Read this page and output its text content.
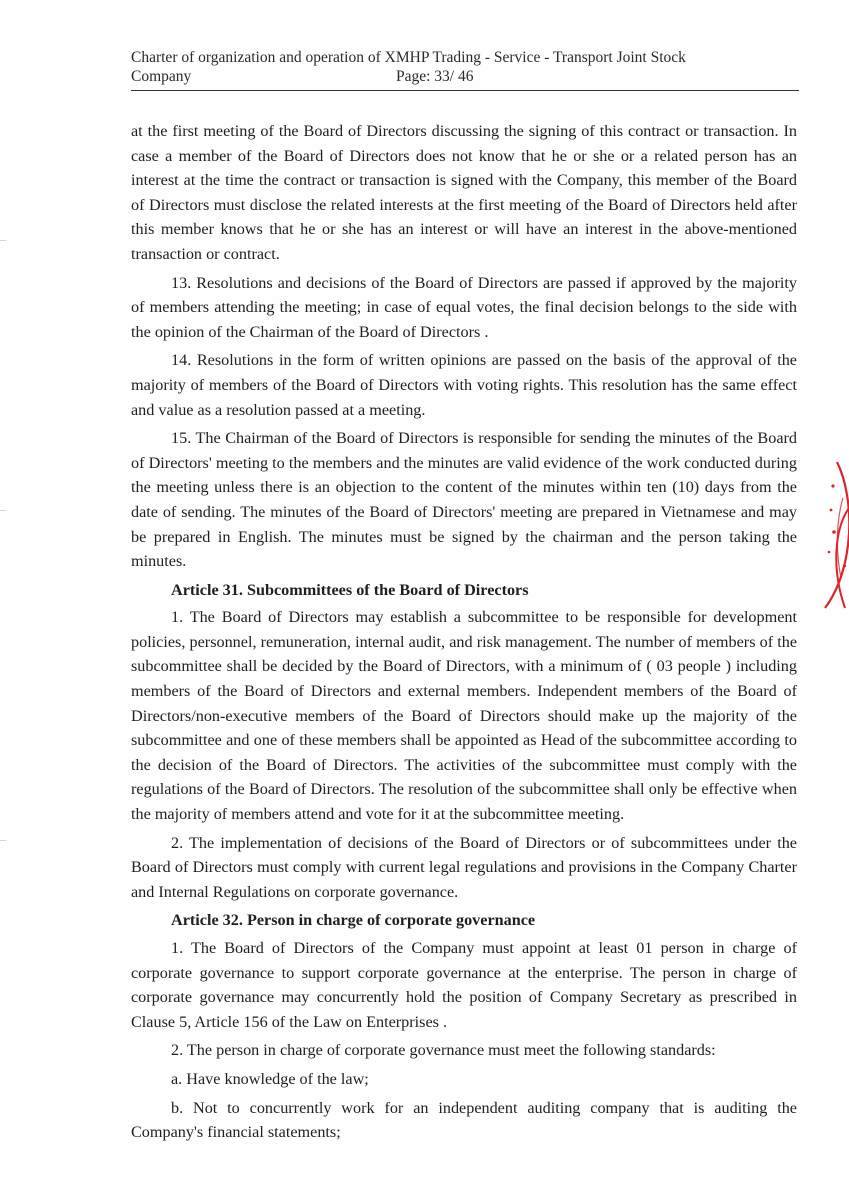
Charter of organization and operation of XMHP Trading - Service - Transport Joint Stock
Company	Page: 33/ 46

at the first meeting of the Board of Directors discussing the signing of this contract or transaction. In case a member of the Board of Directors does not know that he or she or a related person has an interest at the time the contract or transaction is signed with the Company, this member of the Board of Directors must disclose the related interests at the first meeting of the Board of Directors held after this member knows that he or she has an interest or will have an interest in the above-mentioned transaction or contract.

13. Resolutions and decisions of the Board of Directors are passed if approved by the majority of members attending the meeting; in case of equal votes, the final decision belongs to the side with the opinion of the Chairman of the Board of Directors .

14. Resolutions in the form of written opinions are passed on the basis of the approval of the majority of members of the Board of Directors with voting rights. This resolution has the same effect and value as a resolution passed at a meeting.

15. The Chairman of the Board of Directors is responsible for sending the minutes of the Board of Directors' meeting to the members and the minutes are valid evidence of the work conducted during the meeting unless there is an objection to the content of the minutes within ten (10) days from the date of sending. The minutes of the Board of Directors' meeting are prepared in Vietnamese and may be prepared in English. The minutes must be signed by the chairman and the person taking the minutes.

Article 31. Subcommittees of the Board of Directors

1. The Board of Directors may establish a subcommittee to be responsible for development policies, personnel, remuneration, internal audit, and risk management. The number of members of the subcommittee shall be decided by the Board of Directors, with a minimum of ( 03 people ) including members of the Board of Directors and external members. Independent members of the Board of Directors/non-executive members of the Board of Directors should make up the majority of the subcommittee and one of these members shall be appointed as Head of the subcommittee according to the decision of the Board of Directors. The activities of the subcommittee must comply with the regulations of the Board of Directors. The resolution of the subcommittee shall only be effective when the majority of members attend and vote for it at the subcommittee meeting.

2. The implementation of decisions of the Board of Directors or of subcommittees under the Board of Directors must comply with current legal regulations and provisions in the Company Charter and Internal Regulations on corporate governance.

Article 32. Person in charge of corporate governance

1. The Board of Directors of the Company must appoint at least 01 person in charge of corporate governance to support corporate governance at the enterprise. The person in charge of corporate governance may concurrently hold the position of Company Secretary as prescribed in Clause 5, Article 156 of the Law on Enterprises .

2. The person in charge of corporate governance must meet the following standards:

a. Have knowledge of the law;

b. Not to concurrently work for an independent auditing company that is auditing the Company's financial statements;
